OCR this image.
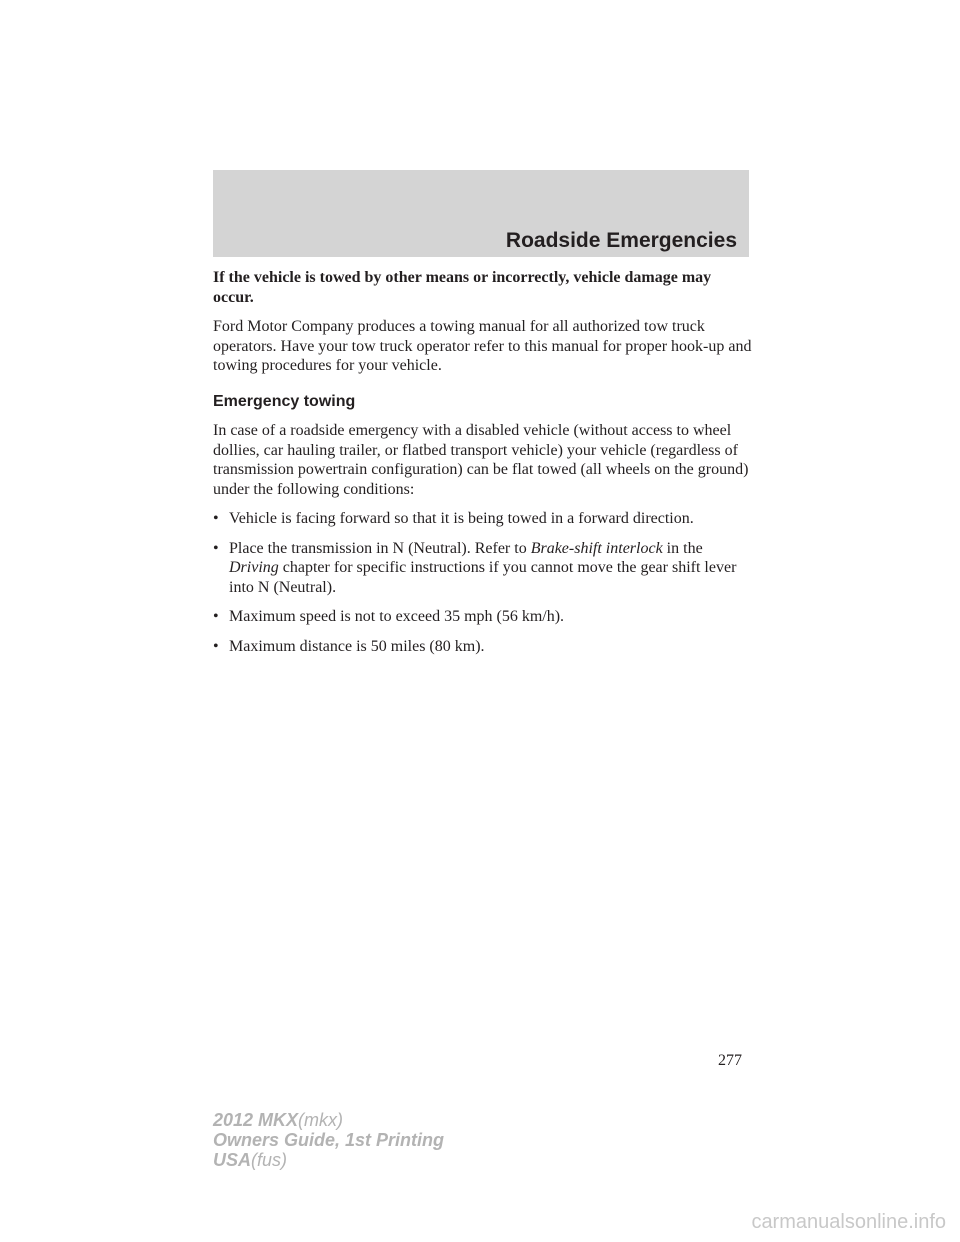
Roadside Emergencies

If the vehicle is towed by other means or incorrectly, vehicle damage may occur.

Ford Motor Company produces a towing manual for all authorized tow truck operators. Have your tow truck operator refer to this manual for proper hook-up and towing procedures for your vehicle.

Emergency towing

In case of a roadside emergency with a disabled vehicle (without access to wheel dollies, car hauling trailer, or flatbed transport vehicle) your vehicle (regardless of transmission powertrain configuration) can be flat towed (all wheels on the ground) under the following conditions:

• Vehicle is facing forward so that it is being towed in a forward direction.
• Place the transmission in N (Neutral). Refer to Brake-shift interlock in the Driving chapter for specific instructions if you cannot move the gear shift lever into N (Neutral).
• Maximum speed is not to exceed 35 mph (56 km/h).
• Maximum distance is 50 miles (80 km).
277
2012 MKX(mkx)
Owners Guide, 1st Printing
USA(fus)
carmanualsonline.info
